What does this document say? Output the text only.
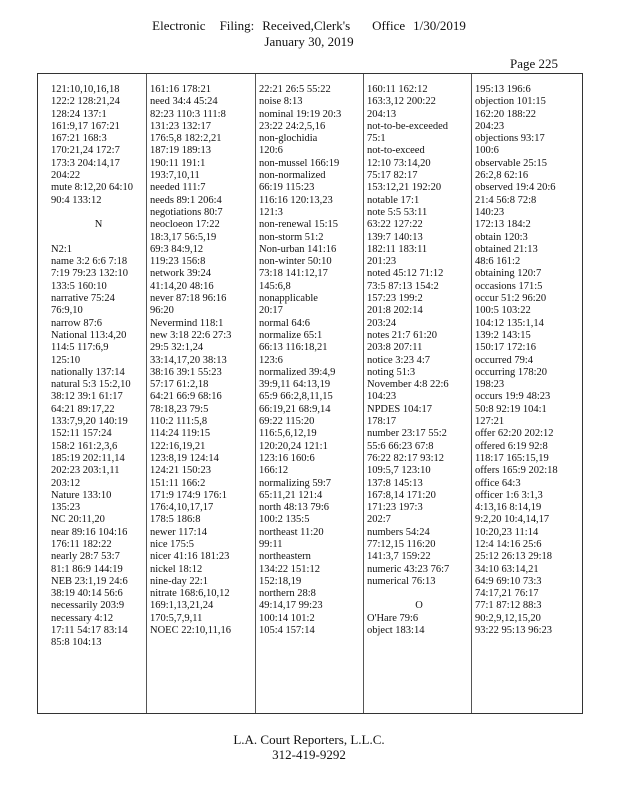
Electronic Filing: Received,Clerk's Office 1/30/2019
January 30, 2019
Page 225
121:10,10,16,18
122:2 128:21,24
128:24 137:1
161:9,17 167:21
167:21 168:3
170:21,24 172:7
173:3 204:14,17
204:22
mute 8:12,20 64:10
90:4 133:12
N
N2:1
name 3:2 6:6 7:18
7:19 79:23 132:10
133:5 160:10
narrative 75:24
76:9,10
narrow 87:6
National 113:4,20
114:5 117:6,9
125:10
nationally 137:14
natural 5:3 15:2,10
38:12 39:1 61:17
64:21 89:17,22
133:7,9,20 140:19
152:11 157:24
158:2 161:2,3,6
185:19 202:11,14
202:23 203:1,11
203:12
Nature 133:10
135:23
NC 20:11,20
near 89:16 104:16
176:11 182:22
nearly 28:7 53:7
81:1 86:9 144:19
NEB 23:1,19 24:6
38:19 40:14 56:6
necessarily 203:9
necessary 4:12
17:11 54:17 83:14
85:8 104:13
161:16 178:21
need 34:4 45:24
82:23 110:3 111:8
131:23 132:17
176:5,8 182:2,21
187:19 189:13
190:11 191:1
193:7,10,11
needed 111:7
needs 89:1 206:4
negotiations 80:7
neocloeon 17:22
18:3,17 56:5,19
69:3 84:9,12
119:23 156:8
network 39:24
41:14,20 48:16
never 87:18 96:16
96:20
Nevermind 118:1
new 3:18 22:6 27:3
29:5 32:1,24
33:14,17,20 38:13
38:16 39:1 55:23
57:17 61:2,18
64:21 66:9 68:16
78:18,23 79:5
110:2 111:5,8
114:24 119:15
122:16,19,21
123:8,19 124:14
124:21 150:23
151:11 166:2
171:9 174:9 176:1
176:4,10,17,17
178:5 186:8
newer 117:14
nice 175:5
nicer 41:16 181:23
nickel 18:12
nine-day 22:1
nitrate 168:6,10,12
169:1,13,21,24
170:5,7,9,11
NOEC 22:10,11,16
22:21 26:5 55:22
noise 8:13
nominal 19:19 20:3
23:22 24:2,5,16
non-glochidia
120:6
non-mussel 166:19
non-normalized
66:19 115:23
116:16 120:13,23
121:3
non-renewal 15:15
non-storm 51:2
Non-urban 141:16
non-winter 50:10
73:18 141:12,17
145:6,8
nonapplicable
20:17
normal 64:6
normalize 65:1
66:13 116:18,21
123:6
normalized 39:4,9
39:9,11 64:13,19
65:9 66:2,8,11,15
66:19,21 68:9,14
69:22 115:20
116:5,6,12,19
120:20,24 121:1
123:16 160:6
166:12
normalizing 59:7
65:11,21 121:4
north 48:13 79:6
100:2 135:5
northeast 11:20
99:11
northeastern
134:22 151:12
152:18,19
northern 28:8
49:14,17 99:23
100:14 101:2
105:4 157:14
160:11 162:12
163:3,12 200:22
204:13
not-to-be-exceeded
75:1
not-to-exceed
12:10 73:14,20
75:17 82:17
153:12,21 192:20
notable 17:1
note 5:5 53:11
63:22 127:22
139:7 140:13
182:11 183:11
201:23
noted 45:12 71:12
73:5 87:13 154:2
157:23 199:2
201:8 202:14
203:24
notes 21:7 61:20
203:8 207:11
notice 3:23 4:7
noting 51:3
November 4:8 22:6
104:23
NPDES 104:17
178:17
number 23:17 55:2
55:6 66:23 67:8
76:22 82:17 93:12
109:5,7 123:10
137:8 145:13
167:8,14 171:20
171:23 197:3
202:7
numbers 54:24
77:12,15 116:20
141:3,7 159:22
numeric 43:23 76:7
numerical 76:13
O
O'Hare 79:6
object 183:14
195:13 196:6
objection 101:15
162:20 188:22
204:23
objections 93:17
100:6
observable 25:15
26:2,8 62:16
observed 19:4 20:6
21:4 56:8 72:8
140:23
172:13 184:2
obtain 120:3
obtained 21:13
48:6 161:2
obtaining 120:7
occasions 171:5
occur 51:2 96:20
100:5 103:22
104:12 135:1,14
139:2 143:15
150:17 172:16
occurred 79:4
occurring 178:20
198:23
occurs 19:9 48:23
50:8 92:19 104:1
127:21
offer 62:20 202:12
offered 6:19 92:8
118:17 165:15,19
offers 165:9 202:18
office 64:3
officer 1:6 3:1,3
4:13,16 8:14,19
9:2,20 10:4,14,17
10:20,23 11:14
12:4 14:16 25:6
25:12 26:13 29:18
34:10 63:14,21
64:9 69:10 73:3
74:17,21 76:17
77:1 87:12 88:3
90:2,9,12,15,20
93:22 95:13 96:23
L.A. Court Reporters, L.L.C.
312-419-9292
